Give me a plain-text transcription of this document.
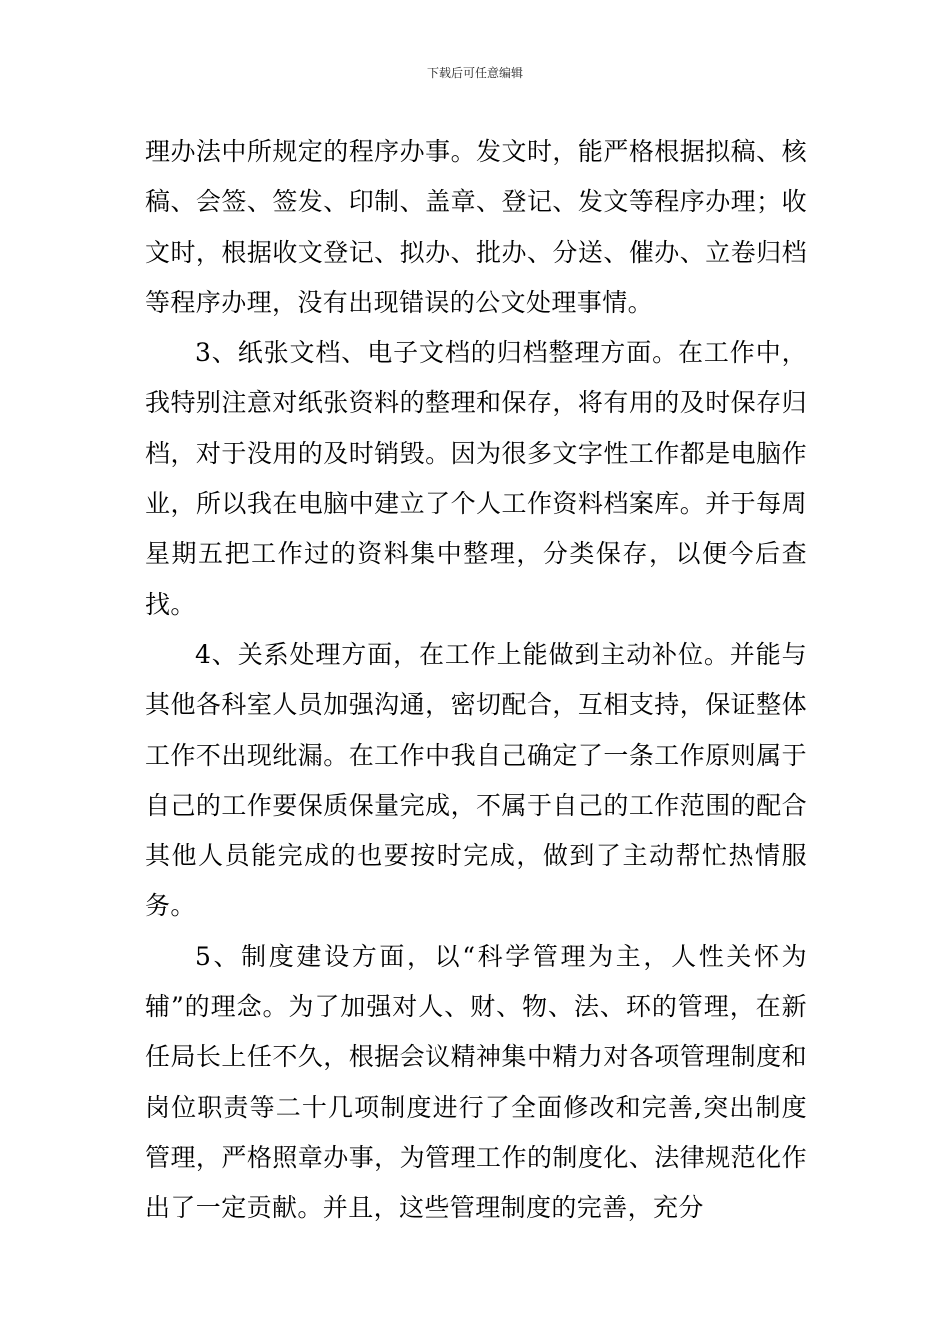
下载后可任意编辑

理办法中所规定的程序办事。发文时，能严格根据拟稿、核稿、会签、签发、印制、盖章、登记、发文等程序办理；收文时，根据收文登记、拟办、批办、分送、催办、立卷归档等程序办理，没有出现错误的公文处理事情。

3、纸张文档、电子文档的归档整理方面。在工作中，我特别注意对纸张资料的整理和保存，将有用的及时保存归档，对于没用的及时销毁。因为很多文字性工作都是电脑作业，所以我在电脑中建立了个人工作资料档案库。并于每周星期五把工作过的资料集中整理，分类保存，以便今后查找。

4、关系处理方面，在工作上能做到主动补位。并能与其他各科室人员加强沟通，密切配合，互相支持，保证整体工作不出现纰漏。在工作中我自己确定了一条工作原则属于自己的工作要保质保量完成，不属于自己的工作范围的配合其他人员能完成的也要按时完成，做到了主动帮忙热情服务。

5、制度建设方面，以“科学管理为主，人性关怀为辅”的理念。为了加强对人、财、物、法、环的管理，在新任局长上任不久，根据会议精神集中精力对各项管理制度和岗位职责等二十几项制度进行了全面修改和完善,突出制度管理，严格照章办事，为管理工作的制度化、法律规范化作出了一定贡献。并且，这些管理制度的完善，充分
